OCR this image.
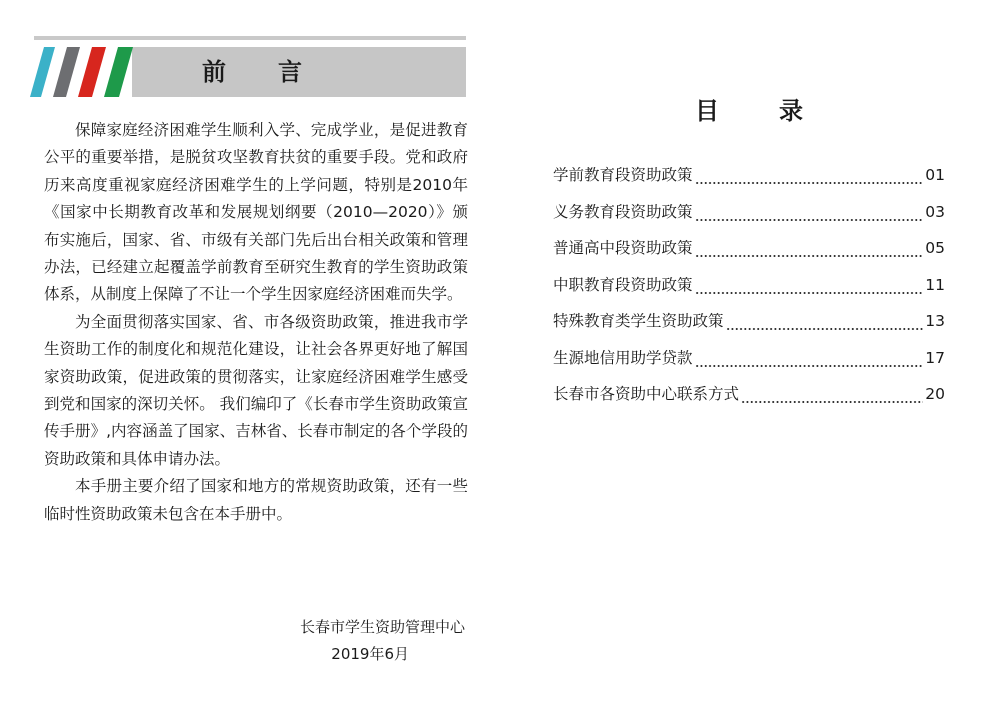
前 言

保障家庭经济困难学生顺利入学、完成学业，是促进教育公平的重要举措，是脱贫攻坚教育扶贫的重要手段。党和政府历来高度重视家庭经济困难学生的上学问题，特别是2010年《国家中长期教育改革和发展规划纲要（2010—2020）》颁布实施后，国家、省、市级有关部门先后出台相关政策和管理办法，已经建立起覆盖学前教育至研究生教育的学生资助政策体系，从制度上保障了不让一个学生因家庭经济困难而失学。

为全面贯彻落实国家、省、市各级资助政策，推进我市学生资助工作的制度化和规范化建设，让社会各界更好地了解国家资助政策，促进政策的贯彻落实，让家庭经济困难学生感受到党和国家的深切关怀。 我们编印了《长春市学生资助政策宣传手册》,内容涵盖了国家、吉林省、长春市制定的各个学段的资助政策和具体申请办法。

本手册主要介绍了国家和地方的常规资助政策，还有一些临时性资助政策未包含在本手册中。

长春市学生资助管理中心
2019年6月
目	录
学前教育段资助政策	01
义务教育段资助政策	03
普通高中段资助政策	05
中职教育段资助政策	11
特殊教育类学生资助政策	13
生源地信用助学贷款	17
长春市各资助中心联系方式	20
